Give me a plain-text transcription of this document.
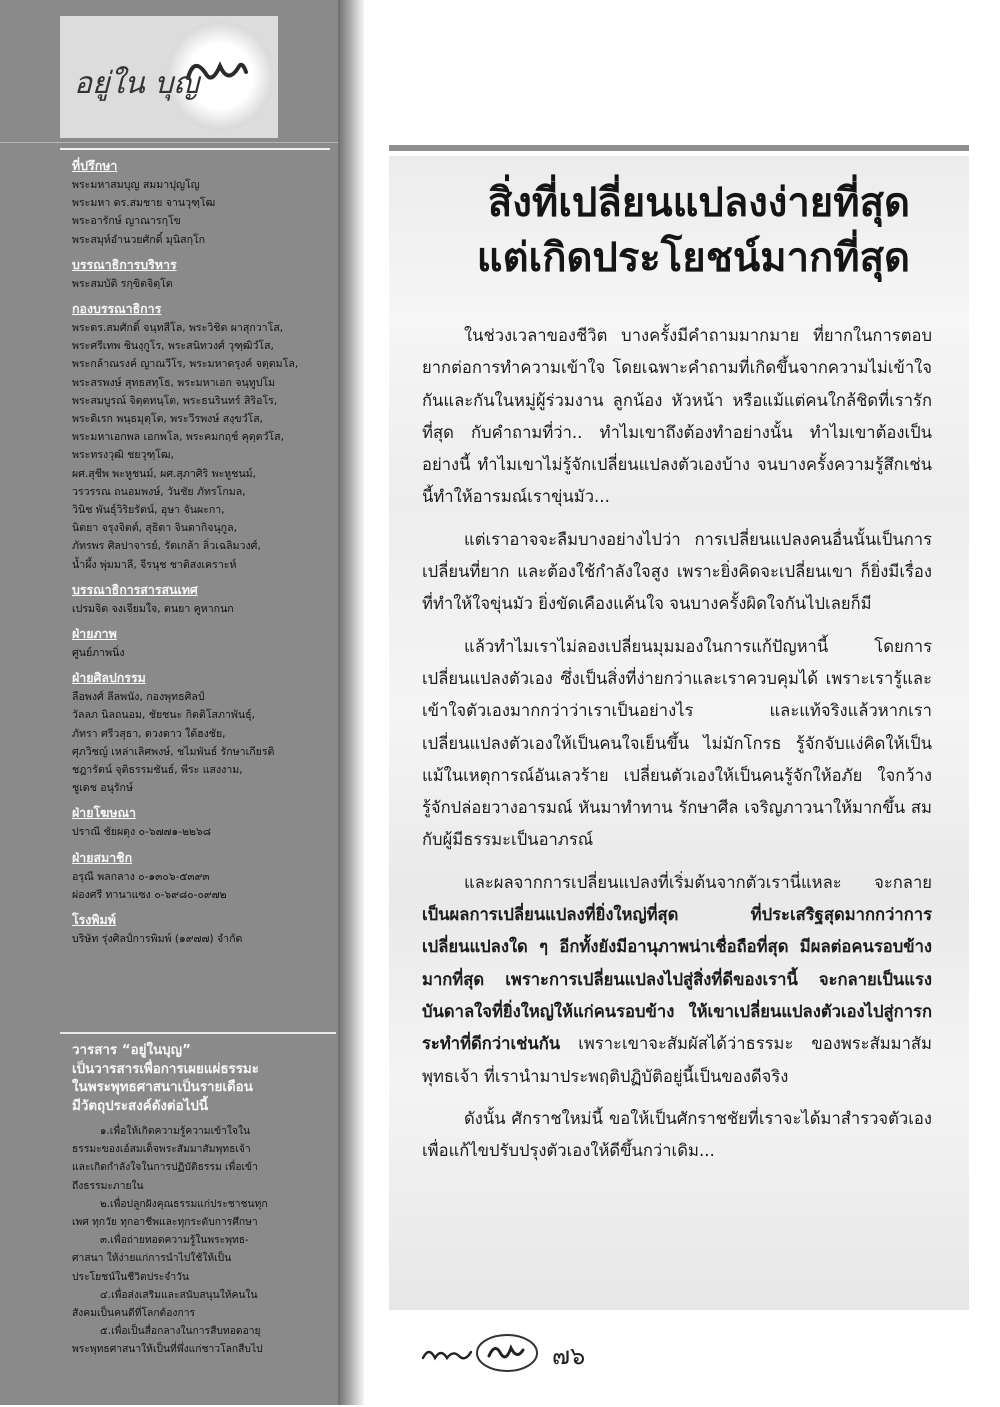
อยู่ใน บุญ
ที่ปรึกษา
พระมหาสมบุญ สมมาปุญโญ
พระมหา ดร.สมชาย จานวุฑฺโฒ
พระอารักษ์ ญาณารกฺโข
พระสมุห์อำนวยศักดิ์ มุนิสกฺโก
บรรณาธิการบริหาร
พระสมบัติ รกฺขิตจิตฺโต
กองบรรณาธิการ
พระดร.สมศักดิ์ จนฺทสีโล, พระวิชิต ผาสุกวาโส,
พระศรีเทพ ชินงฺกูโร, พระสนิทวงศ์ วุฑฺฒิวํโส,
พระกล้าณรงค์ ญาณวีโร, พระมหาดรุงค์ จตฺตมโล,
พระสรพงษ์ สุทธสทฺโธ, พระมหาเอก จนฺทูปโม
พระสมบูรณ์ จิตฺตทนฺโต, พระธนรินทร์ สิริอโร,
พระดิเรก พนฺธมุตฺโต, พระวีรพงษ์ สงฺขวํโส,
พระมหาเอกพล เอกพโล, พระคมกฤช์ คุตฺตวํโส,
พระทรงวุฒิ ชยวุฑฺโฒ,
ผศ.สุชีพ พะหูชนม์, ผศ.สุภาศิริ พะหูชนม์,
วรวรรณ ถนอมพงษ์, วันชัย ภัทรโกมล,
วินิช พันธุ์วิริยรัตน์, อุษา จันผะกา,
นิตยา จรุงจิตต์, สุธิดา จินดากิจนุกูล,
ภัทรพร ศิลปาจารย์, รัตเกล้า ลิ่วเฉลิมวงศ์,
น้ำผึ้ง พุ่มมาลี, จีรนุช ชาติสงเคราะห์
บรรณาธิการสารสนเทศ
เปรมจิต จงเจียมใจ, ดนยา คูหากนก
ฝ่ายภาพ
ศูนย์ภาพนิ่ง
ฝ่ายศิลปกรรม
ลือพงศ์ ลีลพนัง, กองพุทธศิลป์
วัลลภ นิลถนอม, ชัยชนะ กิตติโสภาพันธุ์,
ภัทรา ศรีวสุธา, ดวงดาว ใต้ฮงชัย,
ศุภวิชญ์ เหล่าเลิศพงษ์, ชไมพันธ์ รักษาเกียรติ
ชฎารัตน์ จุติธรรมชันธ์, พีระ แสงงาม,
ชูเดช อนุรักษ์
ฝ่ายโฆษณา
ปราณี ชัยผดุง ๐-๖๗๗๑-๒๒๖๘
ฝ่ายสมาชิก
อรุณี พลกลาง ๐-๑๓๐๖-๕๓๙๓
ผ่องศรี ทานาแซง ๐-๖๙๘๐-๐๙๗๒
โรงพิมพ์
บริษัท รุ่งศิลป์การพิมพ์ (๑๙๗๗) จำกัด
วารสาร “อยู่ในบุญ”
เป็นวารสารเพื่อการเผยแผ่ธรรมะ
ในพระพุทธศาสนาเป็นรายเดือน
มีวัตถุประสงค์ดังต่อไปนี้
๑.เพื่อให้เกิดความรู้ความเข้าใจใน
ธรรมะของเอ์สมเด็จพระสัมมาสัมพุทธเจ้า
และเกิดกำลังใจในการปฏิบัติธรรม เพื่อเข้า
ถึงธรรมะภายใน
๒.เพื่อปลูกฝังคุณธรรมแก่ประชาชนทุก
เพศ ทุกวัย ทุกอาชีพและทุกระดับการศึกษา
๓.เพื่อถ่ายทอดความรู้ในพระพุทธ-
ศาสนา ให้ง่ายแก่การนำไปใช้ให้เป็น
ประโยชน์ในชีวิตประจำวัน
๔.เพื่อส่งเสริมและสนับสนุนให้คนใน
สังคมเป็นคนดีที่โลกต้องการ
๕.เพื่อเป็นสื่อกลางในการสืบทอดอายุ
พระพุทธศาสนาให้เป็นที่พึ่งแก่ชาวโลกสืบไป
สิ่งที่เปลี่ยนแปลงง่ายที่สุด
แต่เกิดประโยชน์มากที่สุด

ในช่วงเวลาของชีวิต บางครั้งมีคำถามมากมาย ที่ยากในการตอบยากต่อการทำความเข้าใจ โดยเฉพาะคำถามที่เกิดขึ้นจากความไม่เข้าใจกันและกันในหมู่ผู้ร่วมงาน ลูกน้อง หัวหน้า หรือแม้แต่คนใกล้ชิดที่เรารักที่สุด กับคำถามที่ว่า.. ทำไมเขาถึงต้องทำอย่างนั้น ทำไมเขาต้องเป็นอย่างนี้ ทำไมเขาไม่รู้จักเปลี่ยนแปลงตัวเองบ้าง จนบางครั้งความรู้สึกเช่นนี้ทำให้อารมณ์เราขุ่นมัว...

แต่เราอาจจะลืมบางอย่างไปว่า การเปลี่ยนแปลงคนอื่นนั้นเป็นการเปลี่ยนที่ยาก และต้องใช้กำลังใจสูง เพราะยิ่งคิดจะเปลี่ยนเขา ก็ยิ่งมีเรื่องที่ทำให้ใจขุ่นมัว ยิ่งขัดเคืองแค้นใจ จนบางครั้งผิดใจกันไปเลยก็มี

แล้วทำไมเราไม่ลองเปลี่ยนมุมมองในการแก้ปัญหานี้ โดยการเปลี่ยนแปลงตัวเอง ซึ่งเป็นสิ่งที่ง่ายกว่าและเราควบคุมได้ เพราะเรารู้และเข้าใจตัวเองมากกว่าว่าเราเป็นอย่างไร และแท้จริงแล้วหากเราเปลี่ยนแปลงตัวเองให้เป็นคนใจเย็นขึ้น ไม่มักโกรธ รู้จักจับแง่คิดให้เป็น แม้ในเหตุการณ์อันเลวร้าย เปลี่ยนตัวเองให้เป็นคนรู้จักให้อภัย ใจกว้าง รู้จักปล่อยวางอารมณ์ หันมาทำทาน รักษาศีล เจริญภาวนาให้มากขึ้น สมกับผู้มีธรรมะเป็นอาภรณ์

และผลจากการเปลี่ยนแปลงที่เริ่มต้นจากตัวเรานี่แหละ จะกลายเป็นผลการเปลี่ยนแปลงที่ยิ่งใหญ่ที่สุด ที่ประเสริฐสุดมากกว่าการเปลี่ยนแปลงใด ๆ อีกทั้งยังมีอานุภาพน่าเชื่อถือที่สุด มีผลต่อคนรอบข้างมากที่สุด เพราะการเปลี่ยนแปลงไปสู่สิ่งที่ดีของเรานี้ จะกลายเป็นแรงบันดาลใจที่ยิ่งใหญ่ให้แก่คนรอบข้าง ให้เขาเปลี่ยนแปลงตัวเองไปสู่การกระทำที่ดีกว่าเช่นกัน เพราะเขาจะสัมผัสได้ว่าธรรมะ ของพระสัมมาสัมพุทธเจ้า ที่เรานำมาประพฤติปฏิบัติอยู่นี้เป็นของดีจริง

ดังนั้น ศักราชใหม่นี้ ขอให้เป็นศักราชชัยที่เราจะได้มาสำรวจตัวเอง เพื่อแก้ไขปรับปรุงตัวเองให้ดีขึ้นกว่าเดิม...

๗๖
